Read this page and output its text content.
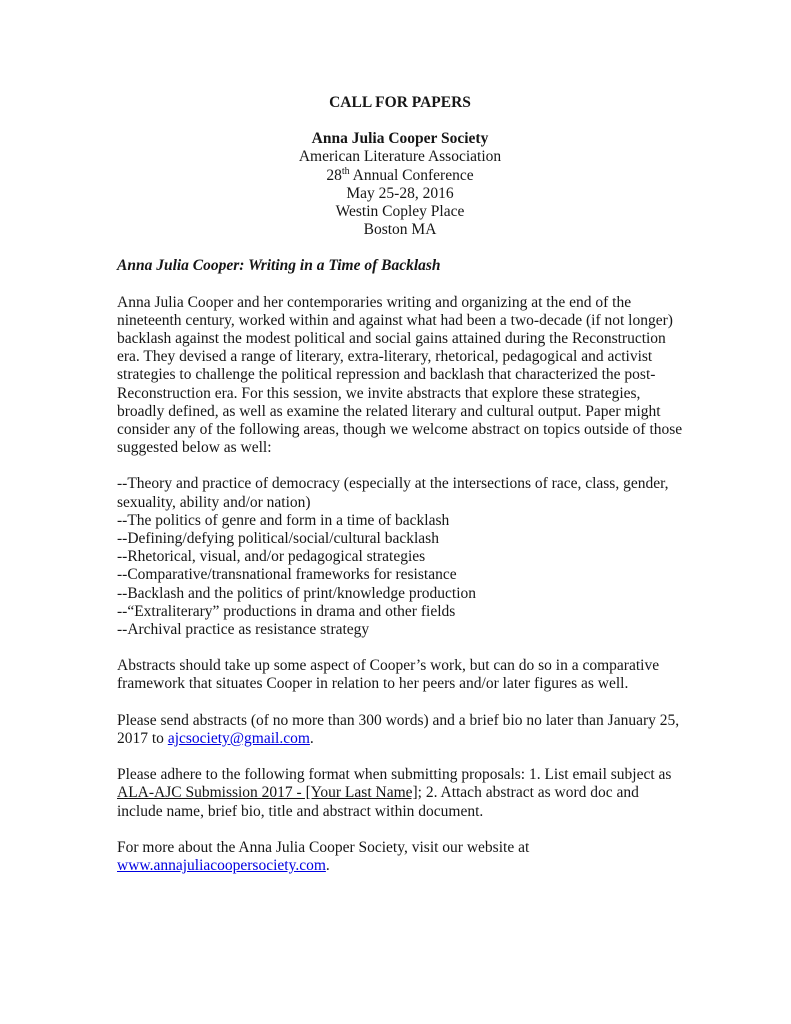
CALL FOR PAPERS

Anna Julia Cooper Society

American Literature Association

28th Annual Conference

May 25-28, 2016

Westin Copley Place

Boston MA

Anna Julia Cooper: Writing in a Time of Backlash

Anna Julia Cooper and her contemporaries writing and organizing at the end of the nineteenth century, worked within and against what had been a two-decade (if not longer) backlash against the modest political and social gains attained during the Reconstruction era. They devised a range of literary, extra-literary, rhetorical, pedagogical and activist strategies to challenge the political repression and backlash that characterized the post-Reconstruction era. For this session, we invite abstracts that explore these strategies, broadly defined, as well as examine the related literary and cultural output. Paper might consider any of the following areas, though we welcome abstract on topics outside of those suggested below as well:

--Theory and practice of democracy (especially at the intersections of race, class, gender, sexuality, ability and/or nation)
--The politics of genre and form in a time of backlash
--Defining/defying political/social/cultural backlash
--Rhetorical, visual, and/or pedagogical strategies
--Comparative/transnational frameworks for resistance
--Backlash and the politics of print/knowledge production
--“Extraliterary” productions in drama and other fields
--Archival practice as resistance strategy

Abstracts should take up some aspect of Cooper’s work, but can do so in a comparative framework that situates Cooper in relation to her peers and/or later figures as well.

Please send abstracts (of no more than 300 words) and a brief bio no later than January 25, 2017 to ajcsociety@gmail.com.

Please adhere to the following format when submitting proposals: 1. List email subject as ALA-AJC Submission 2017 - [Your Last Name]; 2. Attach abstract as word doc and include name, brief bio, title and abstract within document.

For more about the Anna Julia Cooper Society, visit our website at www.annajuliacoopersociety.com.
